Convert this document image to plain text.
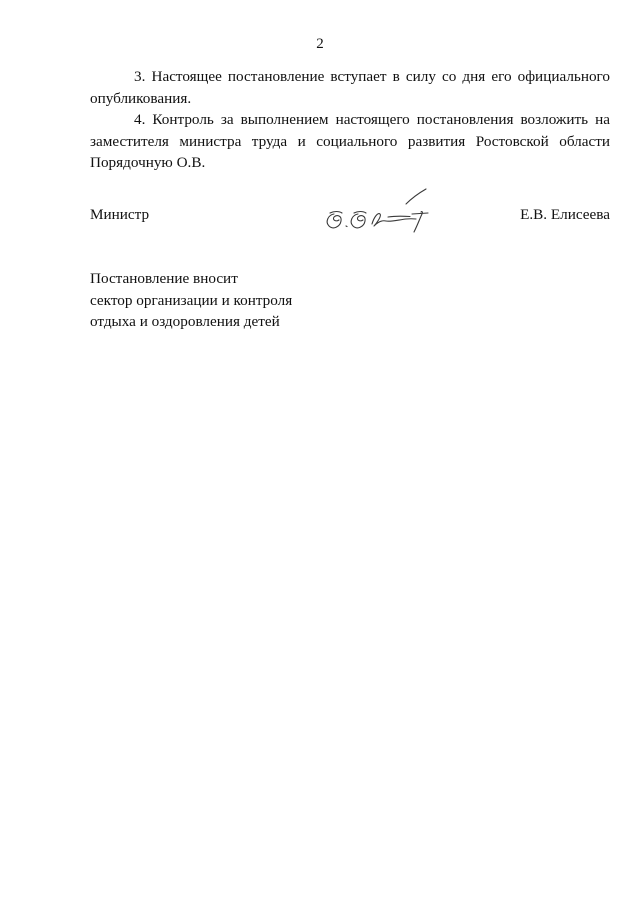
2

3. Настоящее постановление вступает в силу со дня его официального опубликования.

4. Контроль за выполнением настоящего постановления возложить на заместителя министра труда и социального развития Ростовской области Порядочную О.В.

Министр	Е.В. Елисеева
Постановление вносит
сектор организации и контроля
отдыха и оздоровления детей
